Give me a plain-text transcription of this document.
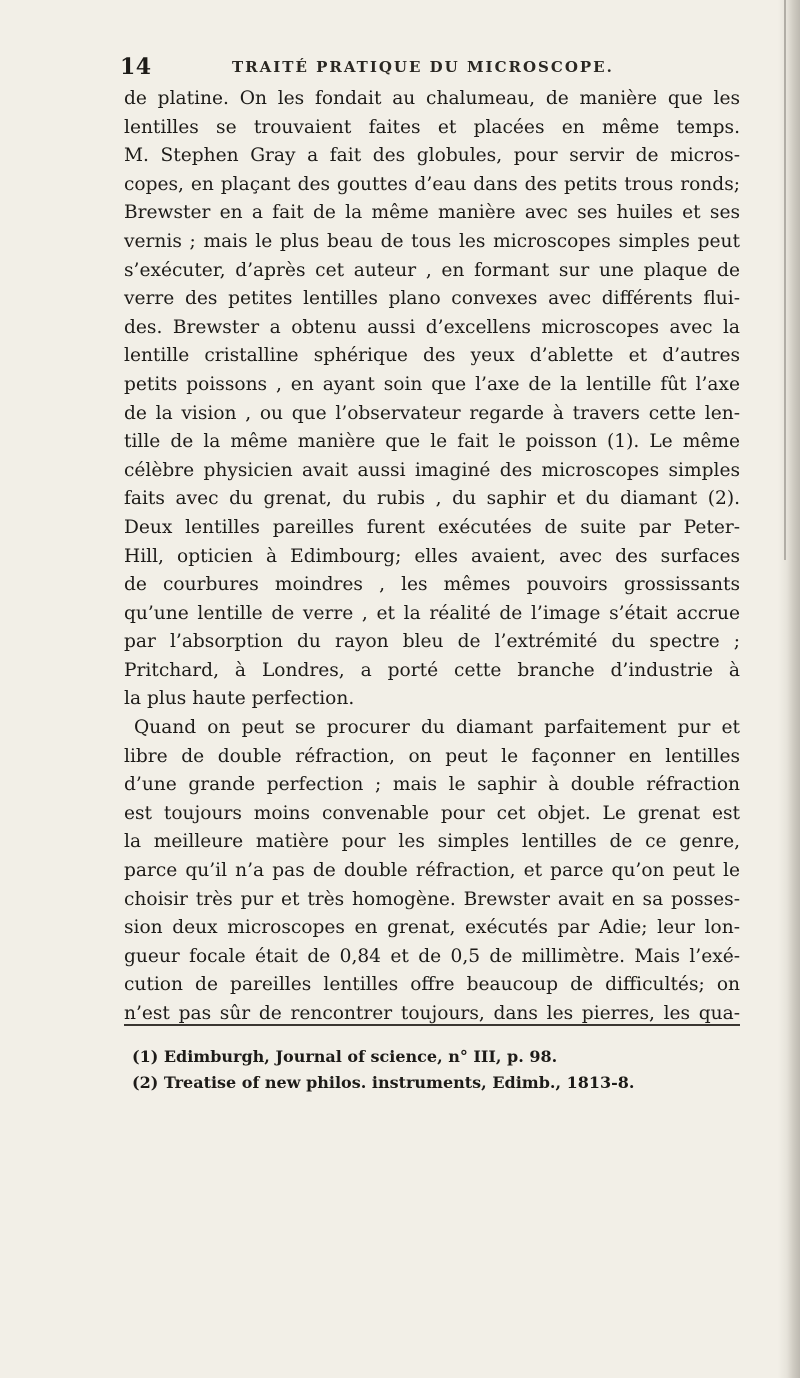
14	TRAITÉ PRATIQUE DU MICROSCOPE.
de platine. On les fondait au chalumeau, de manière que les
lentilles se trouvaient faites et placées en même temps.
M. Stephen Gray a fait des globules, pour servir de micros-
copes, en plaçant des gouttes d’eau dans des petits trous ronds;
Brewster en a fait de la même manière avec ses huiles et ses
vernis ; mais le plus beau de tous les microscopes simples peut
s’exécuter, d’après cet auteur , en formant sur une plaque de
verre des petites lentilles plano convexes avec différents flui-
des. Brewster a obtenu aussi d’excellens microscopes avec la
lentille cristalline sphérique des yeux d’ablette et d’autres
petits poissons , en ayant soin que l’axe de la lentille fût l’axe
de la vision , ou que l’observateur regarde à travers cette len-
tille de la même manière que le fait le poisson (1). Le même
célèbre physicien avait aussi imaginé des microscopes simples
faits avec du grenat, du rubis , du saphir et du diamant (2).
Deux lentilles pareilles furent exécutées de suite par Peter-
Hill, opticien à Edimbourg; elles avaient, avec des surfaces
de courbures moindres , les mêmes pouvoirs grossissants
qu’une lentille de verre , et la réalité de l’image s’était accrue
par l’absorption du rayon bleu de l’extrémité du spectre ;
Pritchard, à Londres, a porté cette branche d’industrie à
la plus haute perfection.
Quand on peut se procurer du diamant parfaitement pur et
libre de double réfraction, on peut le façonner en lentilles
d’une grande perfection ; mais le saphir à double réfraction
est toujours moins convenable pour cet objet. Le grenat est
la meilleure matière pour les simples lentilles de ce genre,
parce qu’il n’a pas de double réfraction, et parce qu’on peut le
choisir très pur et très homogène. Brewster avait en sa posses-
sion deux microscopes en grenat, exécutés par Adie; leur lon-
gueur focale était de 0,84 et de 0,5 de millimètre. Mais l’exé-
cution de pareilles lentilles offre beaucoup de difficultés; on
n’est pas sûr de rencontrer toujours, dans les pierres, les qua-
(1) Edimburgh, Journal of science, n° III, p. 98.
(2) Treatise of new philos. instruments, Edimb., 1813-8.
